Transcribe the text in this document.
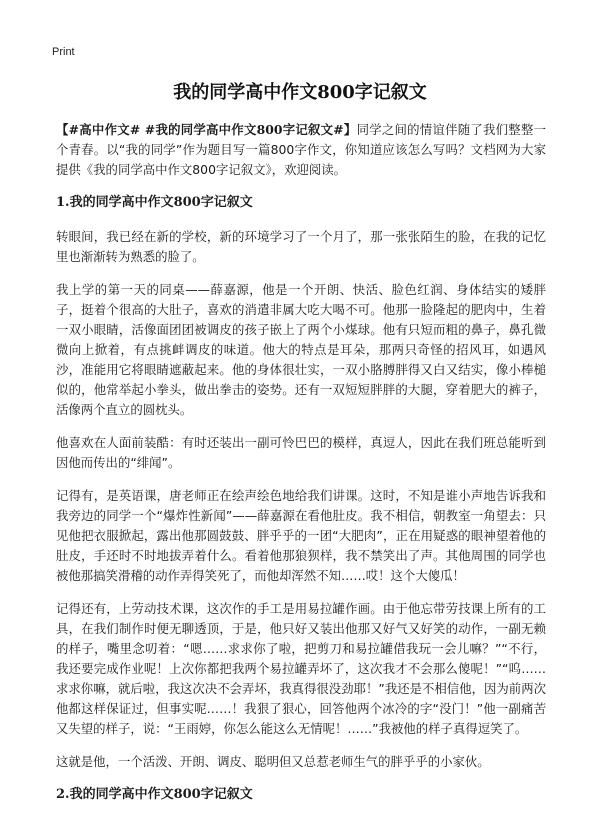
Print
我的同学高中作文800字记叙文

【#高中作文# #我的同学高中作文800字记叙文#】同学之间的情谊伴随了我们整整一个青春。以“我的同学”作为题目写一篇800字作文，你知道应该怎么写吗？文档网为大家提供《我的同学高中作文800字记叙文》，欢迎阅读。

1.我的同学高中作文800字记叙文

转眼间，我已经在新的学校，新的环境学习了一个月了，那一张张陌生的脸，在我的记忆里也渐渐转为熟悉的脸了。

我上学的第一天的同桌——薛嘉源，他是一个开朗、快活、脸色红润、身体结实的矮胖子，挺着个很高的大肚子，喜欢的消遣非属大吃大喝不可。他那一脸隆起的肥肉中，生着一双小眼睛，活像面团团被调皮的孩子嵌上了两个小煤球。他有只短而粗的鼻子，鼻孔微微向上掀着，有点挑衅调皮的味道。他大的特点是耳朵，那两只奇怪的招风耳，如遇风沙，准能用它将眼睛遮蔽起来。他的身体很壮实，一双小胳膊胖得又白又结实，像小棒槌似的，他常举起小拳头，做出拳击的姿势。还有一双短短胖胖的大腿，穿着肥大的裤子，活像两个直立的圆枕头。

他喜欢在人面前装酷：有时还装出一副可怜巴巴的模样，真逗人，因此在我们班总能听到因他而传出的“绯闻”。

记得有，是英语课，唐老师正在绘声绘色地给我们讲课。这时，不知是谁小声地告诉我和我旁边的同学一个“爆炸性新闻”——薛嘉源在看他肚皮。我不相信，朝教室一角望去：只见他把衣服掀起，露出他那圆鼓鼓、胖乎乎的一团“大肥肉”，正在用疑惑的眼神望着他的肚皮，手还时不时地拔弄着什么。看着他那狼狈样，我不禁笑出了声。其他周围的同学也被他那搞笑滑稽的动作弄得笑死了，而他却浑然不知……哎！这个大傻瓜！

记得还有，上劳动技术课，这次作的手工是用易拉罐作画。由于他忘带劳技课上所有的工具，在我们制作时便无聊透顶，于是，他只好又装出他那又好气又好笑的动作，一副无赖的样子，嘴里念叨着：“嗯……求求你了啦，把剪刀和易拉罐借我玩一会儿嘛？”“不行，我还要完成作业呢！上次你都把我两个易拉罐弄坏了，这次我才不会那么傻呢！”“呜……求求你嘛，就后啦，我这次决不会弄坏，我真得很没劲耶！”我还是不相信他，因为前两次他都这样保证过，但事实呢……！我狠了狠心，回答他两个冰冷的字“没门！”他一副痛苦又失望的样子，说：“王雨婷，你怎么能这么无情呢！……”我被他的样子真得逗笑了。

这就是他，一个活泼、开朗、调皮、聪明但又总惹老师生气的胖乎乎的小家伙。

2.我的同学高中作文800字记叙文
